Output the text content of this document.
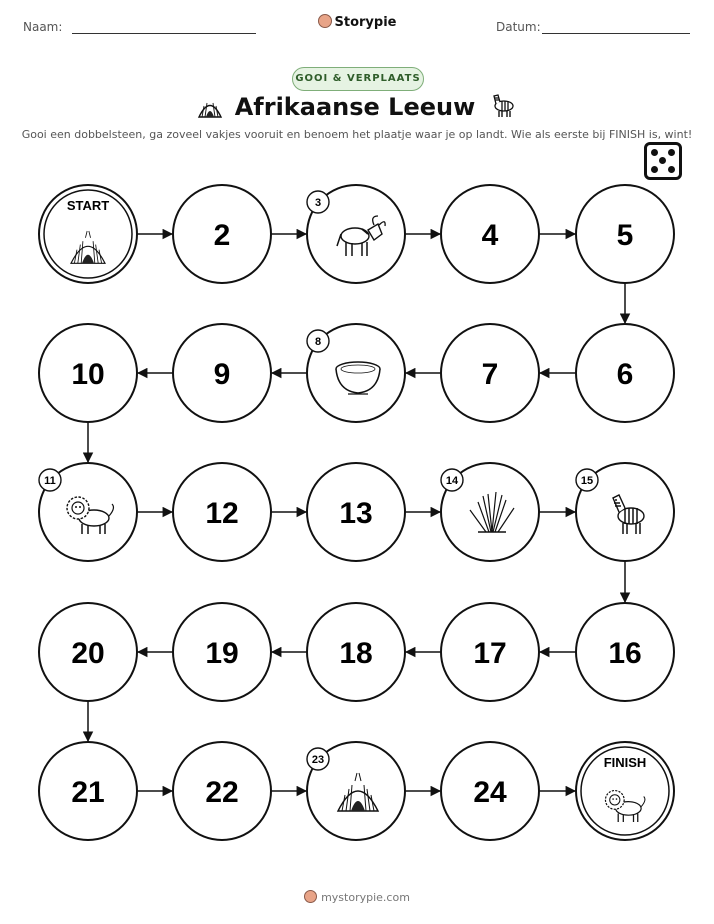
Naam:	Storypie	Datum:
GOOI & VERPLAATS
Afrikaanse Leeuw
Gooi een dobbelsteen, ga zoveel vakjes vooruit en benoem het plaatje waar je op landt. Wie als eerste bij FINISH is, wint!
START
2
3
4	5
6
7
8
9
10
11
12	13
14	15
16
17
18
19
20
21	22
23
24
FINISH
mystorypie.com
